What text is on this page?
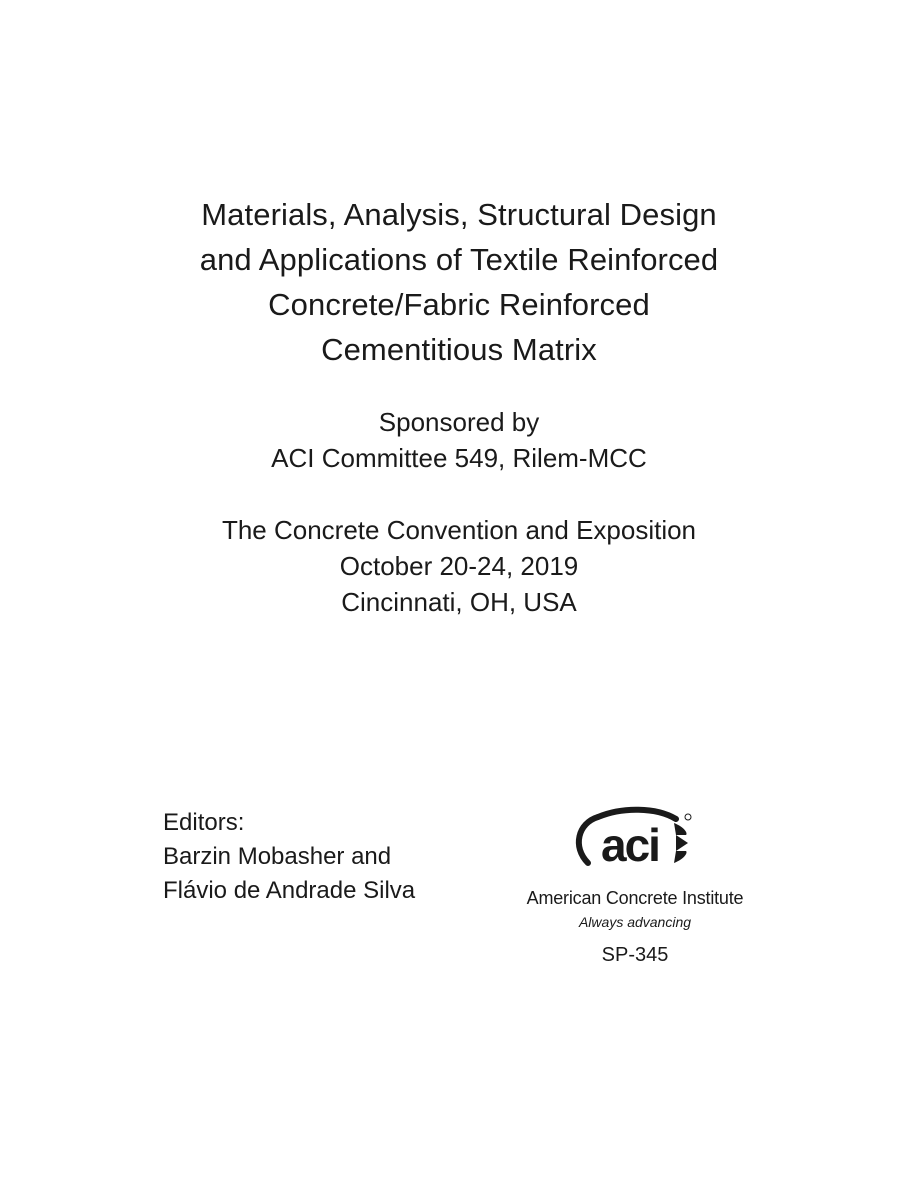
Materials, Analysis, Structural Design
and Applications of Textile Reinforced
Concrete/Fabric Reinforced
Cementitious Matrix
Sponsored by
ACI Committee 549, Rilem-MCC
The Concrete Convention and Exposition
October 20-24, 2019
Cincinnati, OH, USA
Editors:
Barzin Mobasher and
Flávio de Andrade Silva
aci
American Concrete Institute
Always advancing
SP-345
